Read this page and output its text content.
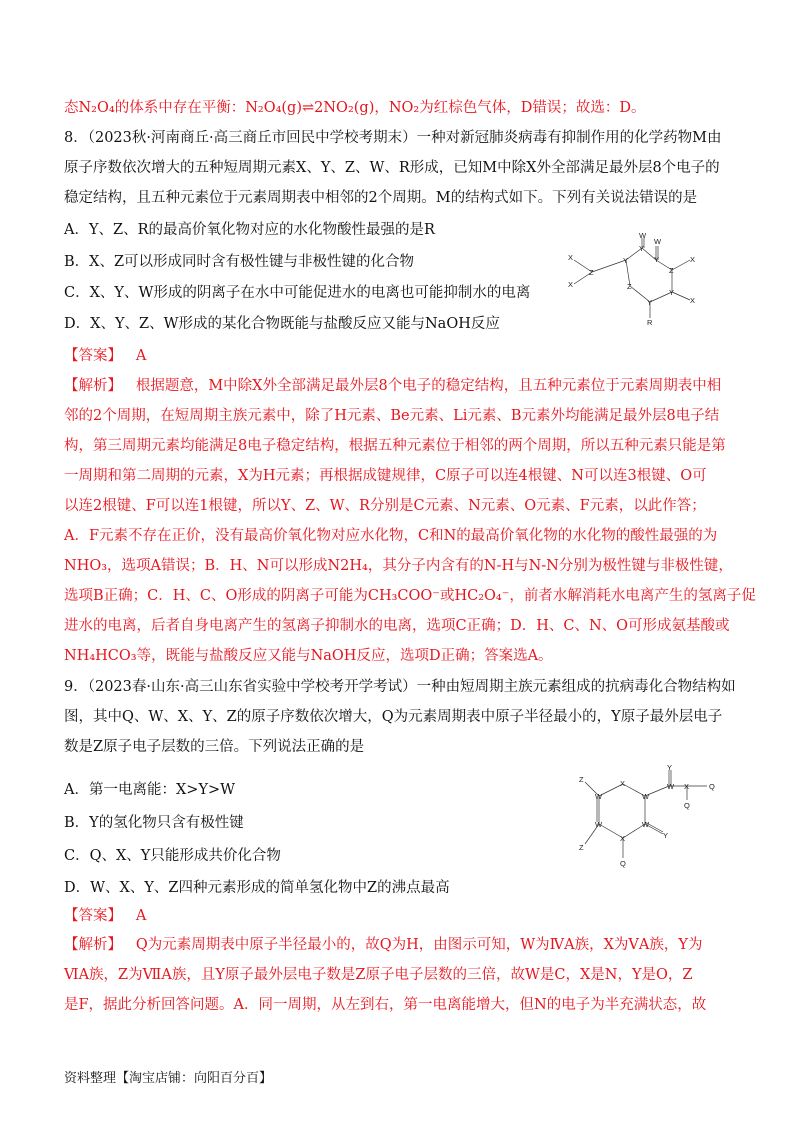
态N₂O₄的体系中存在平衡：N₂O₄(g)⇌2NO₂(g)，NO₂为红棕色气体，D错误；故选：D。
8．（2023秋·河南商丘·高三商丘市回民中学校考期末）一种对新冠肺炎病毒有抑制作用的化学药物M由
原子序数依次增大的五种短周期元素X、Y、Z、W、R形成，已知M中除X外全部满足最外层8个电子的
稳定结构，且五种元素位于元素周期表中相邻的2个周期。M的结构式如下。下列有关说法错误的是
A．Y、Z、R的最高价氧化物对应的水化物酸性最强的是R
B．X、Z可以形成同时含有极性键与非极性键的化合物
C．X、Y、W形成的阴离子在水中可能促进水的电离也可能抑制水的电离
D．X、Y、Z、W形成的某化合物既能与盐酸反应又能与NaOH反应
【答案】 A
【解析】 根据题意，M中除X外全部满足最外层8个电子的稳定结构，且五种元素位于元素周期表中相
邻的2个周期，在短周期主族元素中，除了H元素、Be元素、Li元素、B元素外均能满足最外层8电子结
构，第三周期元素均能满足8电子稳定结构，根据五种元素位于相邻的两个周期，所以五种元素只能是第
一周期和第二周期的元素，X为H元素；再根据成键规律，C原子可以连4根键、N可以连3根键、O可
以连2根键、F可以连1根键，所以Y、Z、W、R分别是C元素、N元素、O元素、F元素，以此作答；
A．F元素不存在正价，没有最高价氧化物对应水化物，C和N的最高价氧化物的水化物的酸性最强的为
NHO₃，选项A错误；B．H、N可以形成N2H₄，其分子内含有的N-H与N-N分别为极性键与非极性键，
选项B正确；C．H、C、O形成的阴离子可能为CH₃COO⁻或HC₂O₄⁻，前者水解消耗水电离产生的氢离子促
进水的电离，后者自身电离产生的氢离子抑制水的电离，选项C正确；D．H、C、N、O可形成氨基酸或
NH₄HCO₃等，既能与盐酸反应又能与NaOH反应，选项D正确；答案选A。
9．（2023春·山东·高三山东省实验中学校考开学考试）一种由短周期主族元素组成的抗病毒化合物结构如
图，其中Q、W、X、Y、Z的原子序数依次增大，Q为元素周期表中原子半径最小的，Y原子最外层电子
数是Z原子电子层数的三倍。下列说法正确的是
A．第一电离能：X>Y>W
B．Y的氢化物只含有极性键
C．Q、X、Y只能形成共价化合物
D．W、X、Y、Z四种元素形成的简单氢化物中Z的沸点最高
【答案】 A
【解析】 Q为元素周期表中原子半径最小的，故Q为H，由图示可知，W为ⅣA族，X为ⅤA族，Y为
ⅥA族，Z为ⅦA族，且Y原子最外层电子数是Z原子电子层数的三倍，故W是C，X是N，Y是O，Z
是F，据此分析回答问题。A．同一周期，从左到右，第一电离能增大，但N的电子为半充满状态，故
W
Y
W
Y
X
X
Z
Y
Z
Z
X
Y
X
Y
R
Z
W
X
W
W	W
Y
Z
X
Q
Y
W X	Q
Q
资料整理【淘宝店铺：向阳百分百】
